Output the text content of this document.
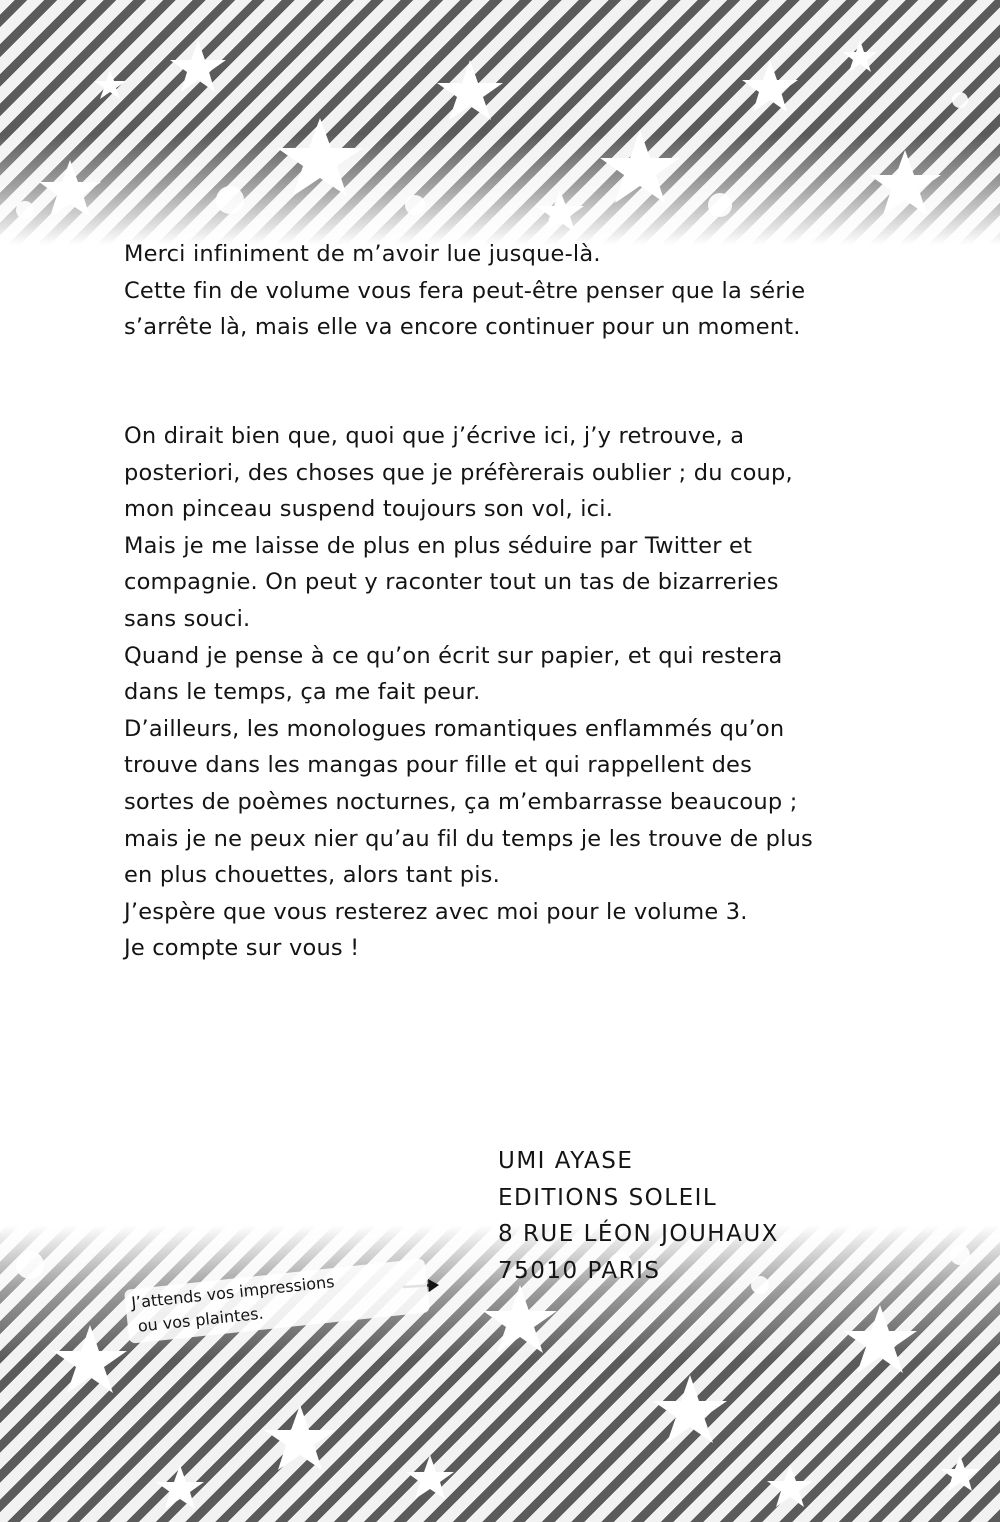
Merci infiniment de m’avoir lue jusque-là.
Cette fin de volume vous fera peut-être penser que la série
s’arrête là, mais elle va encore continuer pour un moment.

On dirait bien que, quoi que j’écrive ici, j’y retrouve, a
posteriori, des choses que je préfèrerais oublier ; du coup,
mon pinceau suspend toujours son vol, ici.
Mais je me laisse de plus en plus séduire par Twitter et
compagnie. On peut y raconter tout un tas de bizarreries
sans souci.
Quand je pense à ce qu’on écrit sur papier, et qui restera
dans le temps, ça me fait peur.
D’ailleurs, les monologues romantiques enflammés qu’on
trouve dans les mangas pour fille et qui rappellent des
sortes de poèmes nocturnes, ça m’embarrasse beaucoup ;
mais je ne peux nier qu’au fil du temps je les trouve de plus
en plus chouettes, alors tant pis.
J’espère que vous resterez avec moi pour le volume 3.
Je compte sur vous !

UMI AYASE
EDITIONS SOLEIL
8 RUE LÉON JOUHAUX
75010 PARIS
J’attends vos impressions
ou vos plaintes.
